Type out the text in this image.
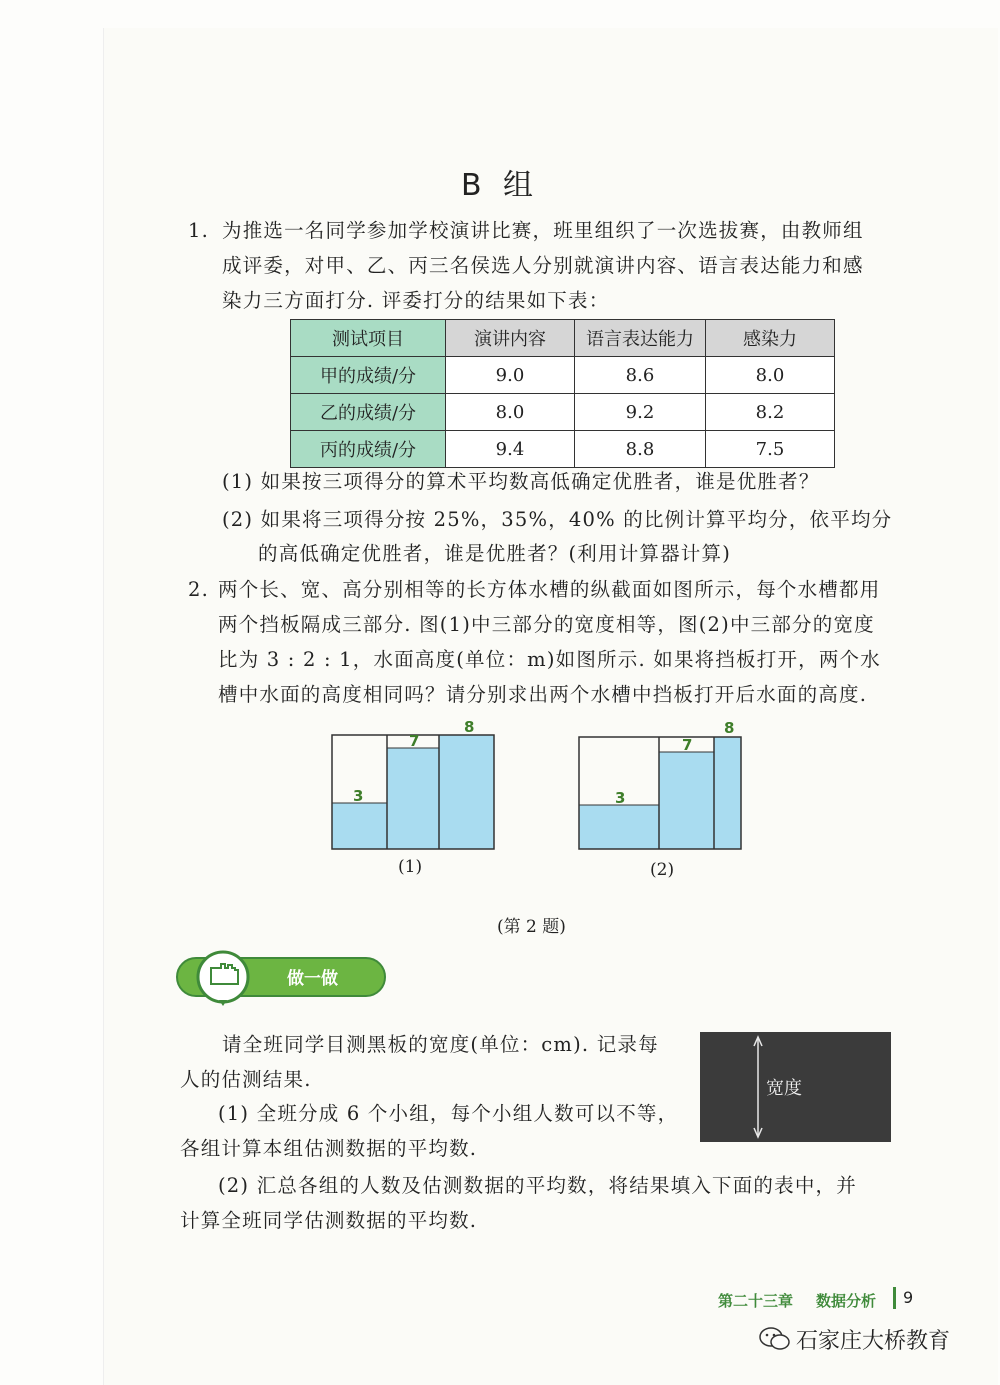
B 组
1. 为推选一名同学参加学校演讲比赛，班里组织了一次选拔赛，由教师组
成评委，对甲、乙、丙三名侯选人分别就演讲内容、语言表达能力和感
染力三方面打分. 评委打分的结果如下表：
测试项目	演讲内容	语言表达能力	感染力
甲的成绩/分	9.0	8.6	8.0
乙的成绩/分	8.0	9.2	8.2
丙的成绩/分	9.4	8.8	7.5
(1) 如果按三项得分的算术平均数高低确定优胜者，谁是优胜者？
(2) 如果将三项得分按 25%，35%，40% 的比例计算平均分，依平均分
的高低确定优胜者，谁是优胜者？(利用计算器计算)
2. 两个长、宽、高分别相等的长方体水槽的纵截面如图所示，每个水槽都用
两个挡板隔成三部分. 图(1)中三部分的宽度相等，图(2)中三部分的宽度
比为 3 : 2 : 1，水面高度(单位：m)如图所示. 如果将挡板打开，两个水
槽中水面的高度相同吗？请分别求出两个水槽中挡板打开后水面的高度.
3
7
8
(1)
3
7
8
(2)
(第 2 题)
做一做
请全班同学目测黑板的宽度(单位：cm). 记录每
人的估测结果.
(1) 全班分成 6 个小组，每个小组人数可以不等，
各组计算本组估测数据的平均数.
(2) 汇总各组的人数及估测数据的平均数，将结果填入下面的表中，并
计算全班同学估测数据的平均数.
宽度
第二十三章 数据分析 9
石家庄大桥教育
